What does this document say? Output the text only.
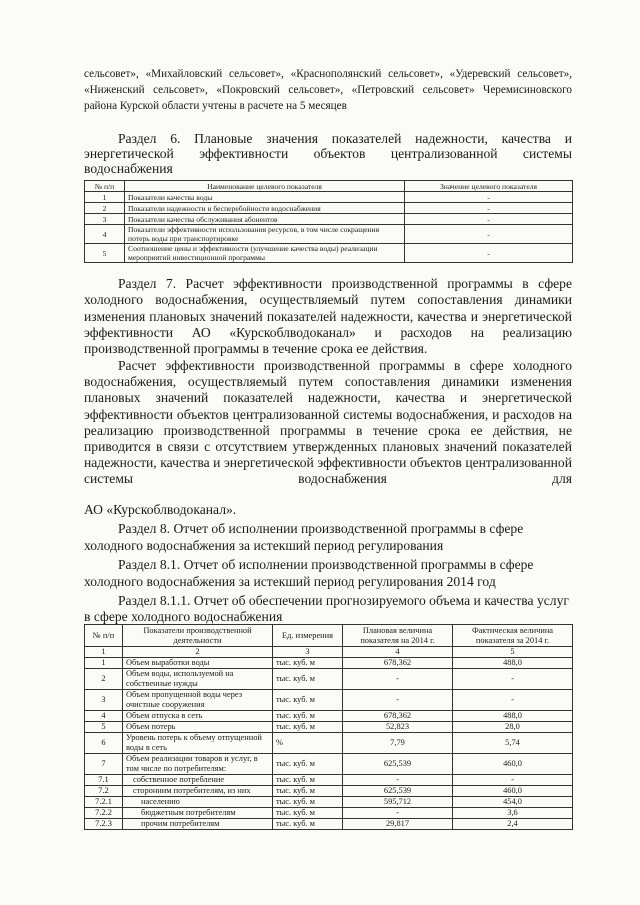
сельсовет», «Михайловский сельсовет», «Краснополянский сельсовет», «Удеревский сельсовет», «Ниженский сельсовет», «Покровский сельсовет», «Петровский сельсовет» Черемисиновского района Курской области учтены в расчете на 5 месяцев
Раздел 6. Плановые значения показателей надежности, качества и энергетической эффективности объектов централизованной системы водоснабжения
№ п/п	Наименование целевого показателя	Значение целевого показателя
1	Показатели качества воды	-
2	Показатели надежности и бесперебойности водоснабжения	-
3	Показатели качества обслуживания абонентов	-
4	Показатели эффективности использования ресурсов, в том числе сокращения потерь воды при транспортировке	-
5	Соотношение цены и эффективности (улучшение качества воды) реализации мероприятий инвестиционной программы	-
Раздел 7. Расчет эффективности производственной программы в сфере холодного водоснабжения, осуществляемый путем сопоставления динамики изменения плановых значений показателей надежности, качества и энергетической эффективности АО «Курскоблводоканал» и расходов на реализацию производственной программы в течение срока ее действия.
Расчет эффективности производственной программы в сфере холодного водоснабжения, осуществляемый путем сопоставления динамики изменения плановых значений показателей надежности, качества и энергетической эффективности объектов централизованной системы водоснабжения, и расходов на реализацию производственной программы в течение срока ее действия, не приводится в связи с отсутствием утвержденных плановых значений показателей надежности, качества и энергетической эффективности объектов централизованной системы водоснабжения для
АО «Курскоблводоканал».
Раздел 8. Отчет об исполнении производственной программы в сфере холодного водоснабжения за истекший период регулирования
Раздел 8.1. Отчет об исполнении производственной программы в сфере холодного водоснабжения за истекший период регулирования 2014 год
Раздел 8.1.1. Отчет об обеспечении прогнозируемого объема и качества услуг в сфере холодного водоснабжения
№ п/п	Показатели производственной деятельности	Ед. измерения	Плановая величина показателя на 2014 г.	Фактическая величина показателя за 2014 г.
1	2	3	4	5
1	Объем выработки воды	тыс. куб. м	678,362	488,0
2	Объем воды, используемой на собственные нужды	тыс. куб. м	-	-
3	Объем пропущенной воды через очистные сооружения	тыс. куб. м	-	-
4	Объем отпуска в сеть	тыс. куб. м	678,362	488,0
5	Объем потерь	тыс. куб. м	52,823	28,0
6	Уровень потерь к объему отпущенной воды в сеть	%	7,79	5,74
7	Объем реализации товаров и услуг, в том числе по потребителям:	тыс. куб. м	625,539	460,0
7.1	собственное потребление	тыс. куб. м	-	-
7.2	сторонним потребителям, из них	тыс. куб. м	625,539	460,0
7.2.1	населению	тыс. куб. м	595,712	454,0
7.2.2	бюджетным потребителям	тыс. куб. м	-	3,6
7.2.3	прочим потребителям	тыс. куб. м	29,817	2,4
